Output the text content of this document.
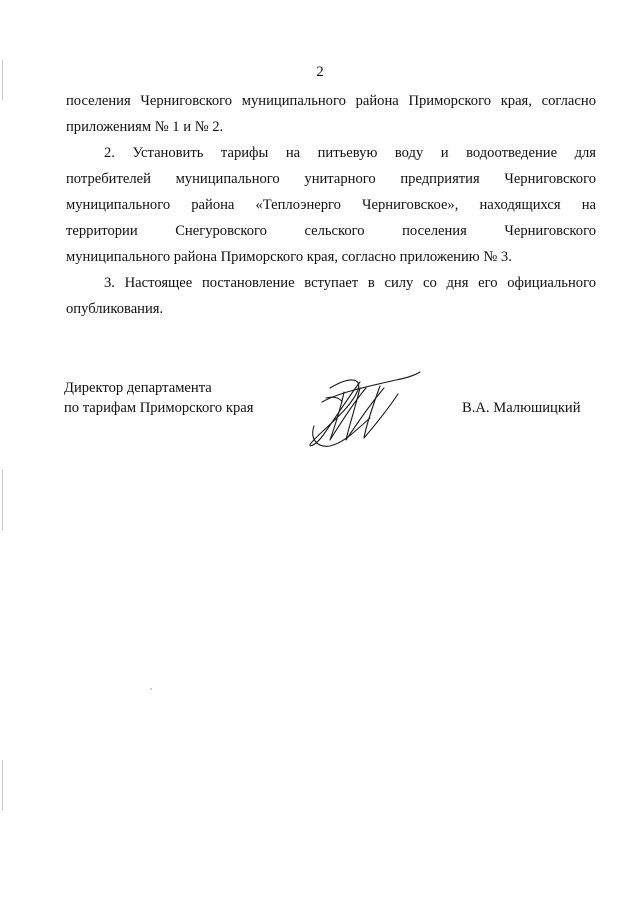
2
поселения Черниговского муниципального района Приморского края, согласно
приложениям № 1 и № 2.
2. Установить тарифы на питьевую воду и водоотведение для
потребителей муниципального унитарного предприятия Черниговского
муниципального района «Теплоэнерго Черниговское», находящихся на
территории Снегуровского сельского поселения Черниговского
муниципального района Приморского края, согласно приложению № 3.
3. Настоящее постановление вступает в силу со дня его официального
опубликования.
Директор департамента
по тарифам Приморского края	В.А. Малюшицкий
